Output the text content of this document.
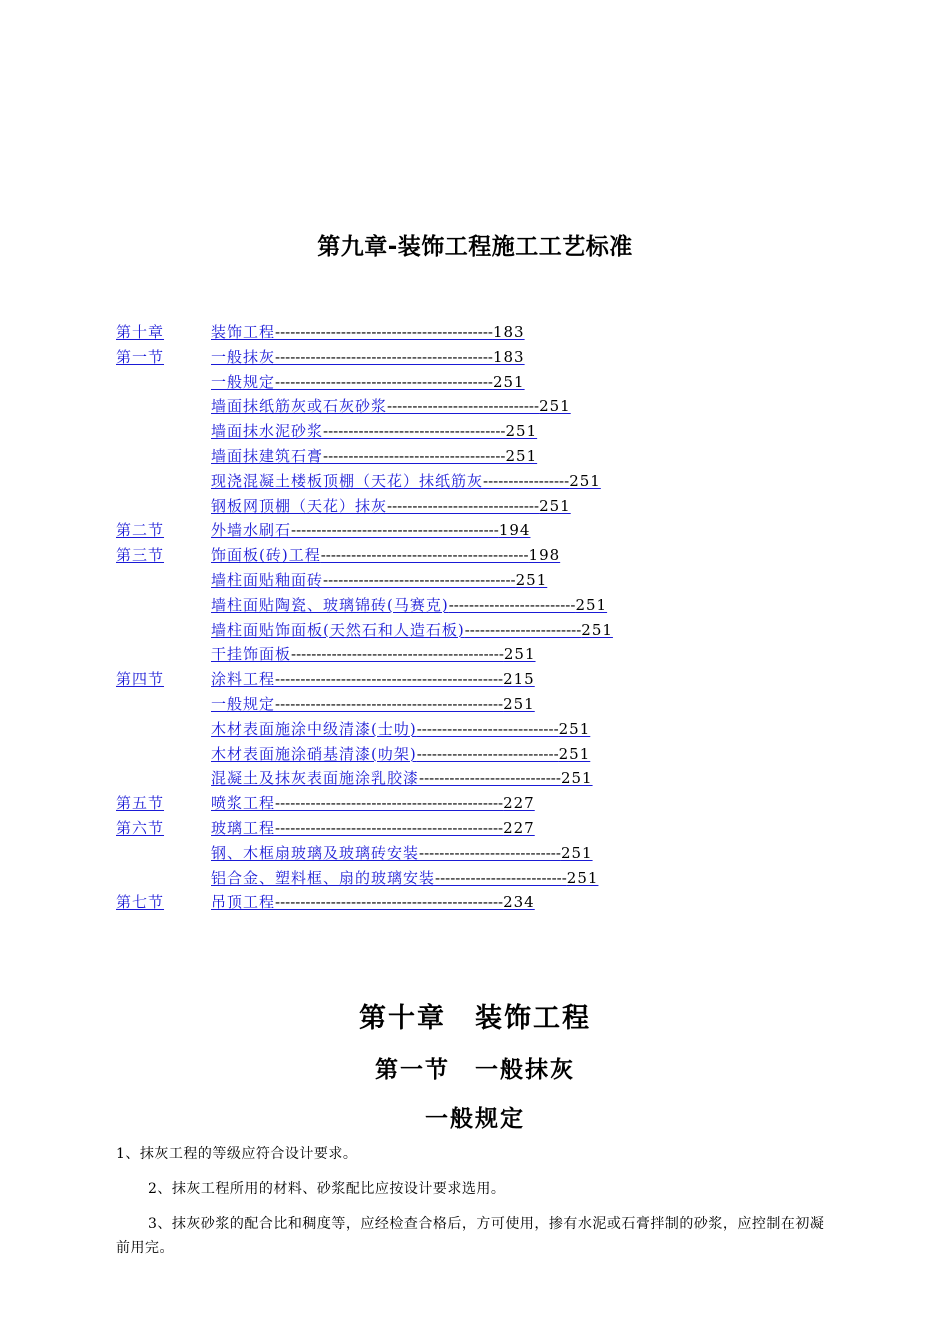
第九章-装饰工程施工工艺标准
第十章	装饰工程-------------------------------------------183
第一节	一般抹灰-------------------------------------------183
一般规定-------------------------------------------251
墙面抹纸筋灰或石灰砂浆------------------------------251
墙面抹水泥砂浆------------------------------------251
墙面抹建筑石膏------------------------------------251
现浇混凝土楼板顶棚（天花）抹纸筋灰-----------------251
钢板网顶棚（天花）抹灰------------------------------251
第二节	外墙水刷石-----------------------------------------194
第三节	饰面板(砖)工程-----------------------------------------198
墙柱面贴釉面砖--------------------------------------251
墙柱面贴陶瓷、玻璃锦砖(马赛克)-------------------------251
墙柱面贴饰面板(天然石和人造石板)-----------------------251
干挂饰面板------------------------------------------251
第四节	涂料工程---------------------------------------------215
一般规定---------------------------------------------251
木材表面施涂中级清漆(士叻)----------------------------251
木材表面施涂硝基清漆(叻架)----------------------------251
混凝土及抹灰表面施涂乳胶漆----------------------------251
第五节	喷浆工程---------------------------------------------227
第六节	玻璃工程---------------------------------------------227
钢、木框扇玻璃及玻璃砖安装----------------------------251
铝合金、塑料框、扇的玻璃安装--------------------------251
第七节	吊顶工程---------------------------------------------234
第十章　装饰工程
第一节　一般抹灰
一般规定
1、抹灰工程的等级应符合设计要求。
2、抹灰工程所用的材料、砂浆配比应按设计要求选用。
3、抹灰砂浆的配合比和稠度等，应经检查合格后，方可使用，掺有水泥或石膏拌制的砂浆，应控制在初凝前用完。
